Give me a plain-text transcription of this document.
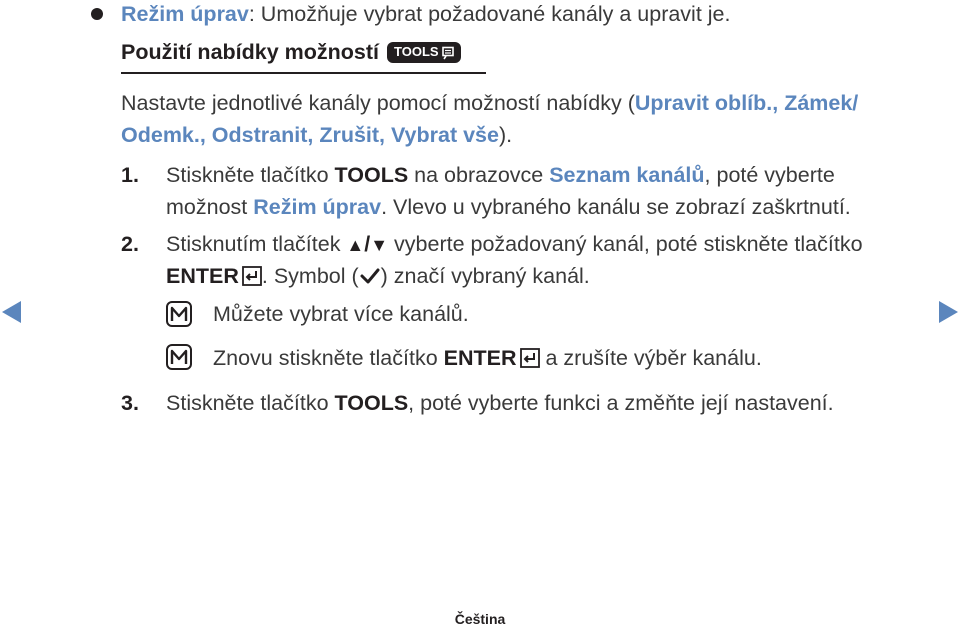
Režim úprav: Umožňuje vybrat požadované kanály a upravit je.
Použití nabídky možností TOOLS
Nastavte jednotlivé kanály pomocí možností nabídky (Upravit oblíb., Zámek/
Odemk., Odstranit, Zrušit, Vybrat vše).
1. Stiskněte tlačítko TOOLS na obrazovce Seznam kanálů, poté vyberte
možnost Režim úprav. Vlevo u vybraného kanálu se zobrazí zaškrtnutí.
2. Stisknutím tlačítek ▲/▼ vyberte požadovaný kanál, poté stiskněte tlačítko
ENTER . Symbol ( ) značí vybraný kanál.
Můžete vybrat více kanálů.
Znovu stiskněte tlačítko ENTER a zrušíte výběr kanálu.
3. Stiskněte tlačítko TOOLS, poté vyberte funkci a změňte její nastavení.
Čeština
